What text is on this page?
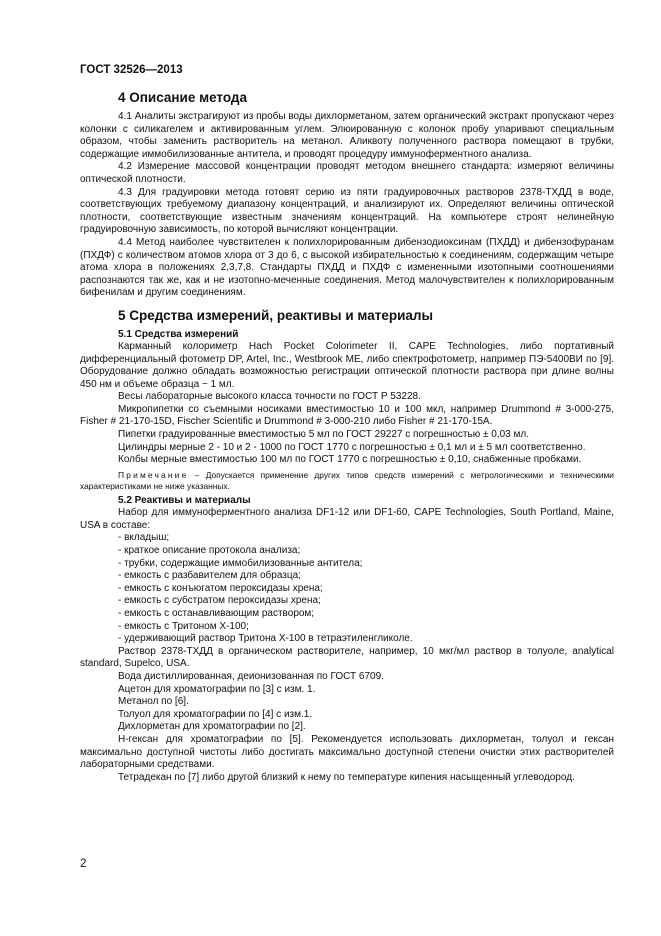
ГОСТ 32526—2013
4 Описание метода

4.1 Аналиты экстрагируют из пробы воды дихлорметаном, затем органический экстракт пропускают через колонки с силикагелем и активированным углем. Элюированную с колонок пробу упаривают специальным образом, чтобы заменить растворитель на метанол. Аликвоту полученного раствора помещают в трубки, содержащие иммобилизованные антитела, и проводят процедуру иммуноферментного анализа.

4.2 Измерение массовой концентрации проводят методом внешнего стандарта: измеряют величины оптической плотности.

4.3 Для градуировки метода готовят серию из пяти градуировочных растворов 2378-ТХДД в воде, соответствующих требуемому диапазону концентраций, и анализируют их. Определяют величины оптической плотности, соответствующие известным значениям концентраций. На компьютере строят нелинейную градуировочную зависимость, по которой вычисляют концентрации.

4.4 Метод наиболее чувствителен к полихлорированным дибензодиоксинам (ПХДД) и дибензофуранам (ПХДФ) с количеством атомов хлора от 3 до 6, с высокой избирательностью к соединениям, содержащим четыре атома хлора в положениях 2,3,7,8. Стандарты ПХДД и ПХДФ с измененными изотопными соотношениями распознаются так же, как и не изотопно-меченные соединения. Метод малочувствителен к полихлорированным бифенилам и другим соединениям.

5 Средства измерений, реактивы и материалы
5.1 Средства измерений

Карманный колориметр Hach Pocket Colorimeter II, CAPE Technologies, либо портативный дифференциальный фотометр DP, Artel, Inc., Westbrook ME, либо спектрофотометр, например ПЭ-5400ВИ по [9]. Оборудование должно обладать возможностью регистрации оптической плотности раствора при длине волны 450 нм и объеме образца ~ 1 мл.

Весы лабораторные высокого класса точности по ГОСТ Р 53228.

Микропипетки со съемными носиками вместимостью 10 и 100 мкл, например Drummond # 3-000-275, Fisher # 21-170-15D, Fischer Scientific и Drummond # 3-000-210 либо Fisher # 21-170-15A.

Пипетки градуированные вместимостью 5 мл по ГОСТ 29227 с погрешностью ± 0,03 мл.

Цилиндры мерные 2 - 10 и 2 - 1000 по ГОСТ 1770 с погрешностью ± 0,1 мл и ± 5 мл соответственно.

Колбы мерные вместимостью 100 мл по ГОСТ 1770 с погрешностью ± 0,10, снабженные пробками.

Примечание – Допускается применение других типов средств измерений с метрологическими и техническими характеристиками не ниже указанных.

5.2 Реактивы и материалы

Набор для иммуноферментного анализа DF1-12 или DF1-60, CAPE Technologies, South Portland, Maine, USA в составе:

- вкладыш;

- краткое описание протокола анализа;

- трубки, содержащие иммобилизованные антитела;

- емкость с разбавителем для образца;

- емкость с конъюгатом пероксидазы хрена;

- емкость с субстратом пероксидазы хрена;

- емкость с останавливающим раствором;

- емкость с Тритоном Х-100;

- удерживающий раствор Тритона Х-100 в тетраэтиленгликоле.

Раствор 2378-ТХДД в органическом растворителе, например, 10 мкг/мл раствор в толуоле, analytical standard, Supelco, USA.

Вода дистиллированная, деионизованная по ГОСТ 6709.

Ацетон для хроматографии по [3] с изм. 1.

Метанол по [6].

Толуол для хроматографии по [4] с изм.1.

Дихлорметан для хроматографии по [2].

Н-гексан для хроматографии по [5]. Рекомендуется использовать дихлорметан, толуол и гексан максимально доступной чистоты либо достигать максимально доступной степени очистки этих растворителей лабораторными средствами.

Тетрадекан по [7] либо другой близкий к нему по температуре кипения насыщенный углеводород.

2
